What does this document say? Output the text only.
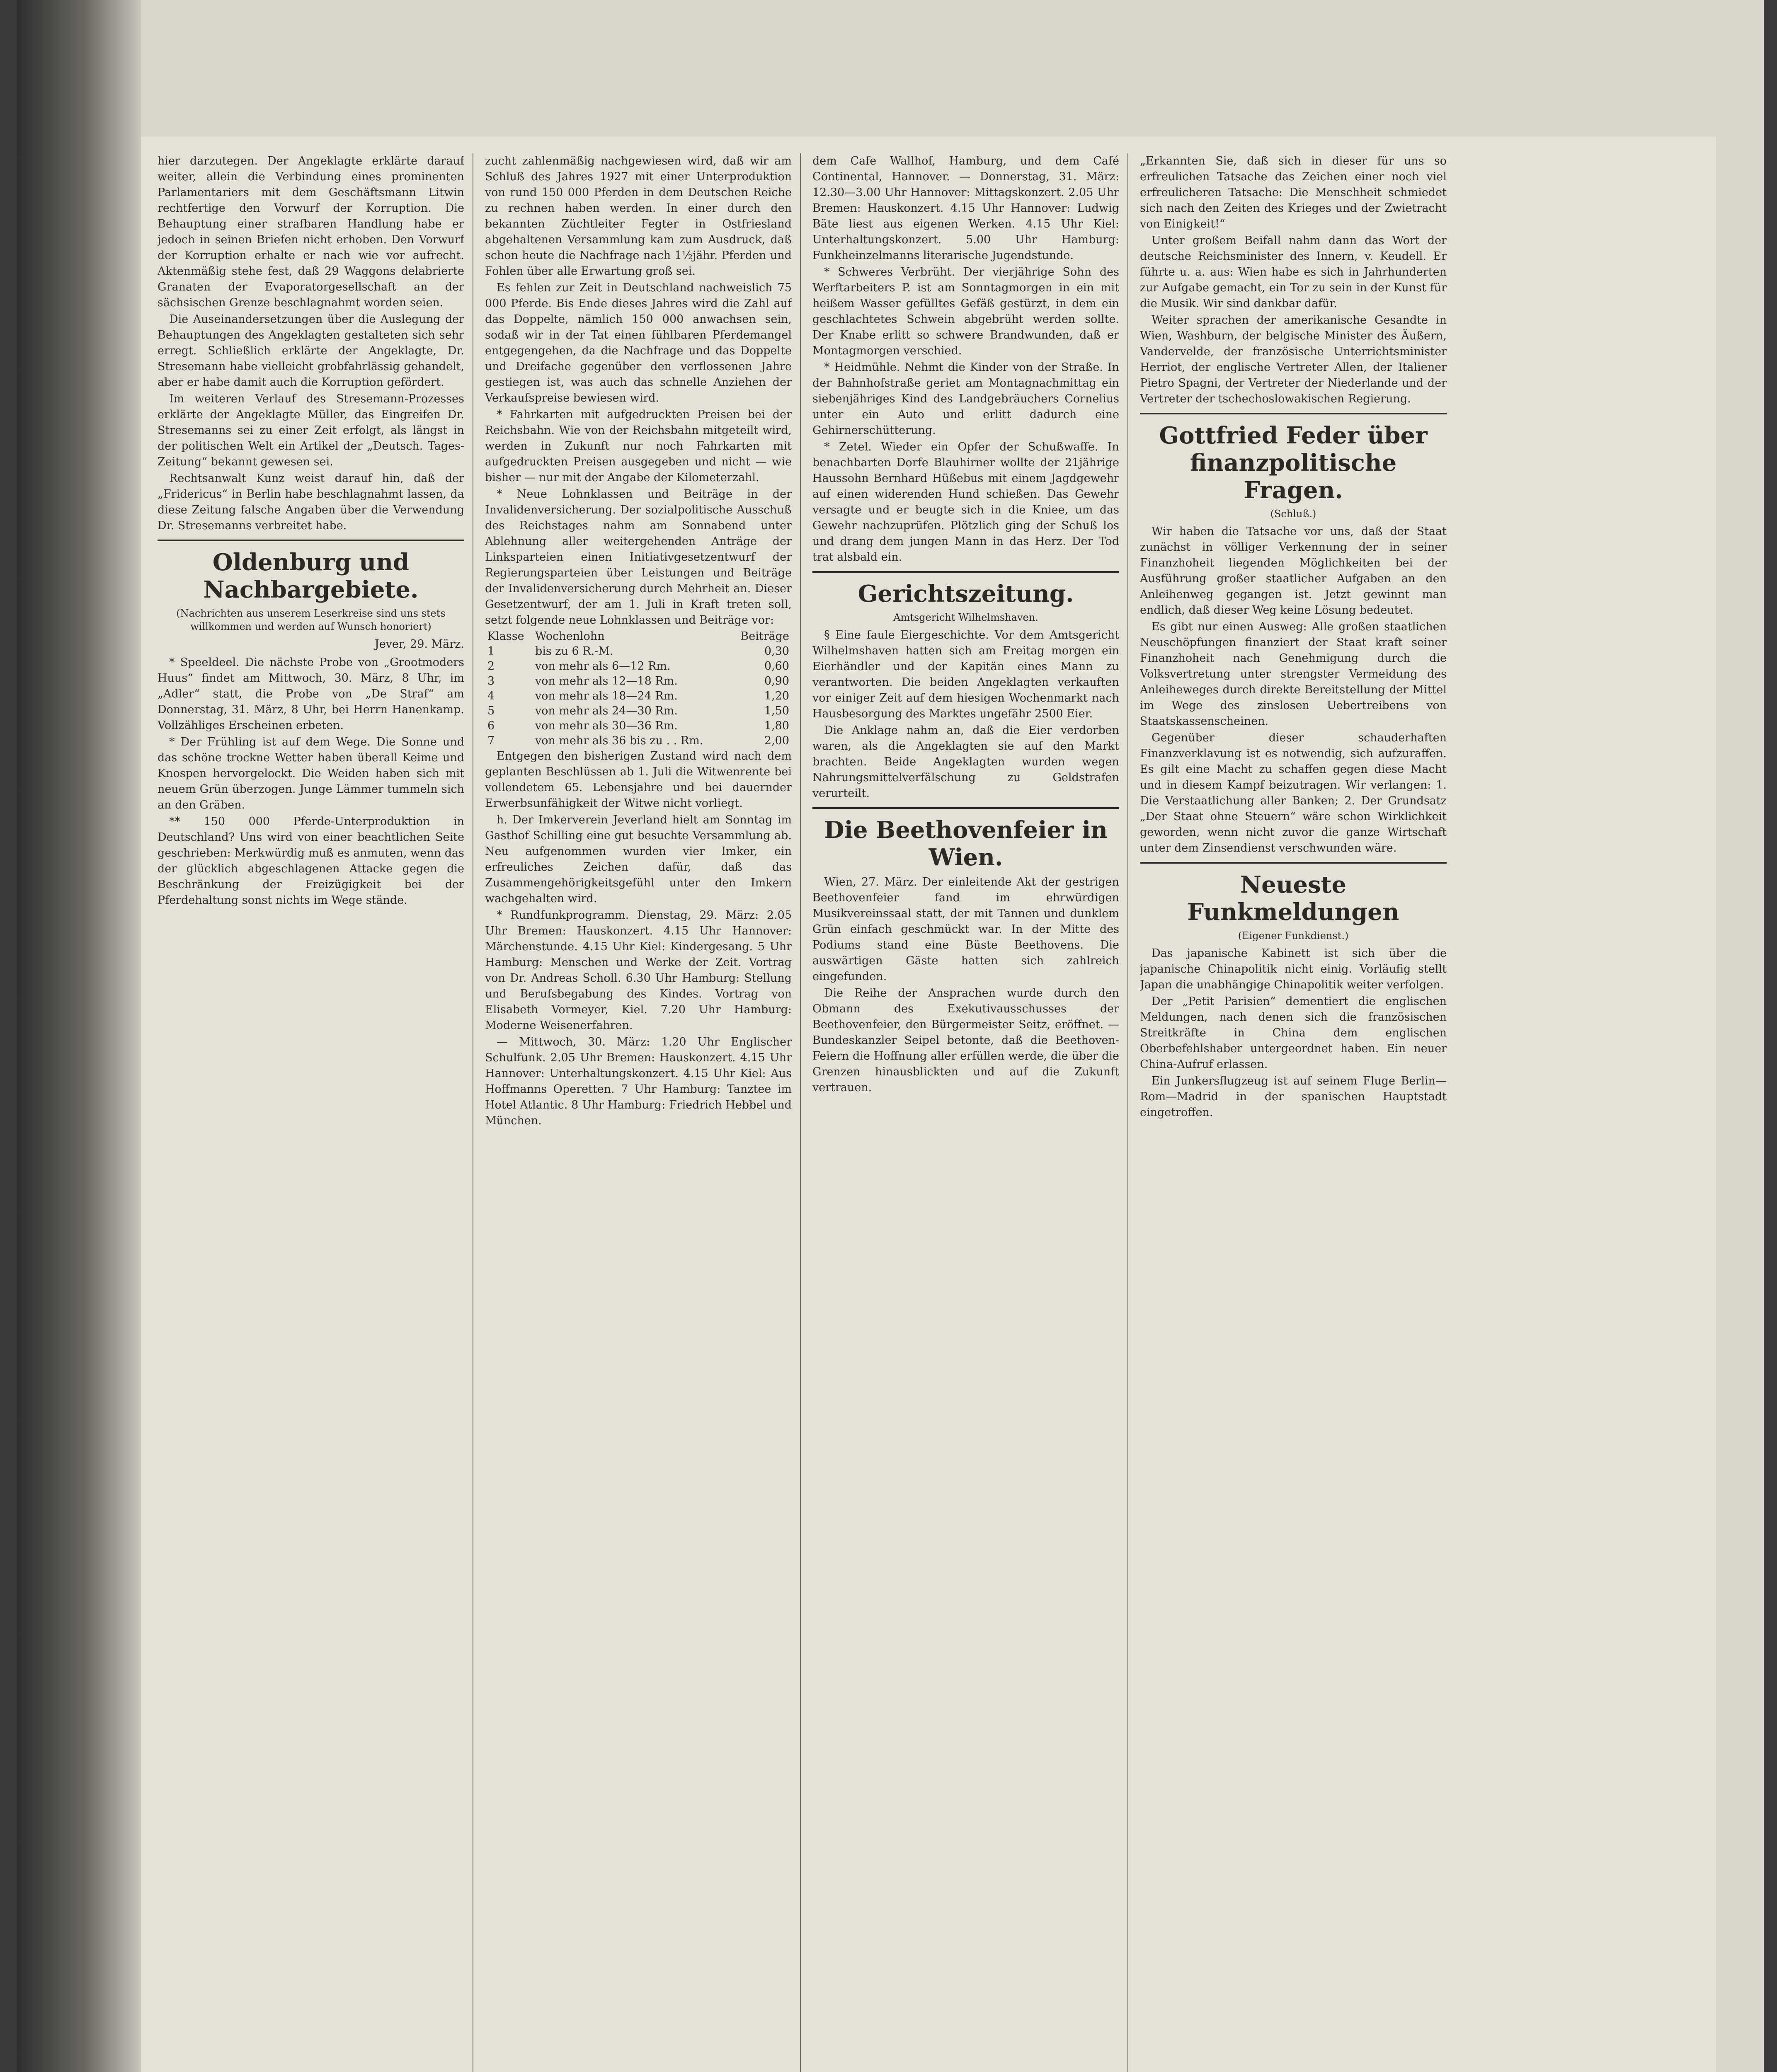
hier darzutegen. Der Angeklagte erklärte darauf weiter, allein die Verbindung eines prominenten Parlamentariers mit dem Geschäftsmann Litwin rechtfertige den Vorwurf der Korruption. Die Behauptung einer strafbaren Handlung habe er jedoch in seinen Briefen nicht erhoben. Den Vorwurf der Korruption erhalte er nach wie vor aufrecht. Aktenmäßig stehe fest, daß 29 Waggons delabrierte Granaten der Evaporatorgesellschaft an der sächsischen Grenze beschlagnahmt worden seien.

Die Auseinandersetzungen über die Auslegung der Behauptungen des Angeklagten gestalteten sich sehr erregt. Schließlich erklärte der Angeklagte, Dr. Stresemann habe vielleicht grobfahrlässig gehandelt, aber er habe damit auch die Korruption gefördert.

Im weiteren Verlauf des Stresemann-Prozesses erklärte der Angeklagte Müller, das Eingreifen Dr. Stresemanns sei zu einer Zeit erfolgt, als längst in der politischen Welt ein Artikel der „Deutsch. Tages-Zeitung“ bekannt gewesen sei.

Rechtsanwalt Kunz weist darauf hin, daß der „Fridericus“ in Berlin habe beschlagnahmt lassen, da diese Zeitung falsche Angaben über die Verwendung Dr. Stresemanns verbreitet habe.

Oldenburg und Nachbargebiete.
(Nachrichten aus unserem Leserkreise sind uns stets willkommen und werden auf Wunsch honoriert)
Jever, 29. März.

* Speeldeel. Die nächste Probe von „Grootmoders Huus“ findet am Mittwoch, 30. März, 8 Uhr, im „Adler“ statt, die Probe von „De Straf“ am Donnerstag, 31. März, 8 Uhr, bei Herrn Hanenkamp. Vollzähliges Erscheinen erbeten.

* Der Frühling ist auf dem Wege. Die Sonne und das schöne trockne Wetter haben überall Keime und Knospen hervorgelockt. Die Weiden haben sich mit neuem Grün überzogen. Junge Lämmer tummeln sich an den Gräben.

** 150 000 Pferde-Unterproduktion in Deutschland? Uns wird von einer beachtlichen Seite geschrieben: Merkwürdig muß es anmuten, wenn das der glücklich abgeschlagenen Attacke gegen die Beschränkung der Freizügigkeit bei der Pferdehaltung sonst nichts im Wege stände.

zucht zahlenmäßig nachgewiesen wird, daß wir am Schluß des Jahres 1927 mit einer Unterproduktion von rund 150 000 Pferden in dem Deutschen Reiche zu rechnen haben werden. In einer durch den bekannten Züchtleiter Fegter in Ostfriesland abgehaltenen Versammlung kam zum Ausdruck, daß schon heute die Nachfrage nach 1½jähr. Pferden und Fohlen über alle Erwartung groß sei.

Es fehlen zur Zeit in Deutschland nachweislich 75 000 Pferde. Bis Ende dieses Jahres wird die Zahl auf das Doppelte, nämlich 150 000 anwachsen sein, sodaß wir in der Tat einen fühlbaren Pferdemangel entgegengehen, da die Nachfrage und das Doppelte und Dreifache gegenüber den verflossenen Jahre gestiegen ist, was auch das schnelle Anziehen der Verkaufspreise bewiesen wird.

* Fahrkarten mit aufgedruckten Preisen bei der Reichsbahn. Wie von der Reichsbahn mitgeteilt wird, werden in Zukunft nur noch Fahrkarten mit aufgedruckten Preisen ausgegeben und nicht — wie bisher — nur mit der Angabe der Kilometerzahl.

* Neue Lohnklassen und Beiträge in der Invalidenversicherung. Der sozialpolitische Ausschuß des Reichstages nahm am Sonnabend unter Ablehnung aller weitergehenden Anträge der Linksparteien einen Initiativgesetzentwurf der Regierungsparteien über Leistungen und Beiträge der Invalidenversicherung durch Mehrheit an. Dieser Gesetzentwurf, der am 1. Juli in Kraft treten soll, setzt folgende neue Lohnklassen und Beiträge vor:

Klasse	Wochenlohn	Beiträge
1	bis zu 6 R.-M.	0,30
2	von mehr als 6—12 Rm.	0,60
3	von mehr als 12—18 Rm.	0,90
4	von mehr als 18—24 Rm.	1,20
5	von mehr als 24—30 Rm.	1,50
6	von mehr als 30—36 Rm.	1,80
7	von mehr als 36 bis zu . . Rm.	2,00

Entgegen den bisherigen Zustand wird nach dem geplanten Beschlüssen ab 1. Juli die Witwenrente bei vollendetem 65. Lebensjahre und bei dauernder Erwerbsunfähigkeit der Witwe nicht vorliegt.

h. Der Imkerverein Jeverland hielt am Sonntag im Gasthof Schilling eine gut besuchte Versammlung ab. Neu aufgenommen wurden vier Imker, ein erfreuliches Zeichen dafür, daß das Zusammengehörigkeitsgefühl unter den Imkern wachgehalten wird.

* Rundfunkprogramm. Dienstag, 29. März: 2.05 Uhr Bremen: Hauskonzert. 4.15 Uhr Hannover: Märchenstunde. 4.15 Uhr Kiel: Kindergesang. 5 Uhr Hamburg: Menschen und Werke der Zeit. Vortrag von Dr. Andreas Scholl. 6.30 Uhr Hamburg: Stellung und Berufsbegabung des Kindes. Vortrag von Elisabeth Vormeyer, Kiel. 7.20 Uhr Hamburg: Moderne Weisenerfahren.

— Mittwoch, 30. März: 1.20 Uhr Englischer Schulfunk. 2.05 Uhr Bremen: Hauskonzert. 4.15 Uhr Hannover: Unterhaltungskonzert. 4.15 Uhr Kiel: Aus Hoffmanns Operetten. 7 Uhr Hamburg: Tanztee im Hotel Atlantic. 8 Uhr Hamburg: Friedrich Hebbel und München.

dem Cafe Wallhof, Hamburg, und dem Café Continental, Hannover. — Donnerstag, 31. März: 12.30—3.00 Uhr Hannover: Mittagskonzert. 2.05 Uhr Bremen: Hauskonzert. 4.15 Uhr Hannover: Ludwig Bäte liest aus eigenen Werken. 4.15 Uhr Kiel: Unterhaltungskonzert. 5.00 Uhr Hamburg: Funkheinzelmanns literarische Jugendstunde.

* Schweres Verbrüht. Der vierjährige Sohn des Werftarbeiters P. ist am Sonntagmorgen in ein mit heißem Wasser gefülltes Gefäß gestürzt, in dem ein geschlachtetes Schwein abgebrüht werden sollte. Der Knabe erlitt so schwere Brandwunden, daß er Montagmorgen verschied.

* Heidmühle. Nehmt die Kinder von der Straße. In der Bahnhofstraße geriet am Montagnachmittag ein siebenjähriges Kind des Landgebräuchers Cornelius unter ein Auto und erlitt dadurch eine Gehirnerschütterung.

* Zetel. Wieder ein Opfer der Schußwaffe. In benachbarten Dorfe Blauhirner wollte der 21jährige Haussohn Bernhard Hüßebus mit einem Jagdgewehr auf einen widerenden Hund schießen. Das Gewehr versagte und er beugte sich in die Kniee, um das Gewehr nachzuprüfen. Plötzlich ging der Schuß los und drang dem jungen Mann in das Herz. Der Tod trat alsbald ein.

Gerichtszeitung.
Amtsgericht Wilhelmshaven.

§ Eine faule Eiergeschichte. Vor dem Amtsgericht Wilhelmshaven hatten sich am Freitag morgen ein Eierhändler und der Kapitän eines Mann zu verantworten. Die beiden Angeklagten verkauften vor einiger Zeit auf dem hiesigen Wochenmarkt nach Hausbesorgung des Marktes ungefähr 2500 Eier.

Die Anklage nahm an, daß die Eier verdorben waren, als die Angeklagten sie auf den Markt brachten. Beide Angeklagten wurden wegen Nahrungsmittelverfälschung zu Geldstrafen verurteilt.

Die Beethovenfeier in Wien.

Wien, 27. März. Der einleitende Akt der gestrigen Beethovenfeier fand im ehrwürdigen Musikvereinssaal statt, der mit Tannen und dunklem Grün einfach geschmückt war. In der Mitte des Podiums stand eine Büste Beethovens. Die auswärtigen Gäste hatten sich zahlreich eingefunden.

Die Reihe der Ansprachen wurde durch den Obmann des Exekutivausschusses der Beethovenfeier, den Bürgermeister Seitz, eröffnet. — Bundeskanzler Seipel betonte, daß die Beethoven-Feiern die Hoffnung aller erfüllen werde, die über die Grenzen hinausblickten und auf die Zukunft vertrauen.

„Erkannten Sie, daß sich in dieser für uns so erfreulichen Tatsache das Zeichen einer noch viel erfreulicheren Tatsache: Die Menschheit schmiedet sich nach den Zeiten des Krieges und der Zwietracht von Einigkeit!“

Unter großem Beifall nahm dann das Wort der deutsche Reichsminister des Innern, v. Keudell. Er führte u. a. aus: Wien habe es sich in Jahrhunderten zur Aufgabe gemacht, ein Tor zu sein in der Kunst für die Musik. Wir sind dankbar dafür.

Weiter sprachen der amerikanische Gesandte in Wien, Washburn, der belgische Minister des Äußern, Vandervelde, der französische Unterrichtsminister Herriot, der englische Vertreter Allen, der Italiener Pietro Spagni, der Vertreter der Niederlande und der Vertreter der tschechoslowakischen Regierung.

Gottfried Feder über finanzpolitische Fragen.
(Schluß.)

Wir haben die Tatsache vor uns, daß der Staat zunächst in völliger Verkennung der in seiner Finanzhoheit liegenden Möglichkeiten bei der Ausführung großer staatlicher Aufgaben an den Anleihenweg gegangen ist. Jetzt gewinnt man endlich, daß dieser Weg keine Lösung bedeutet.

Es gibt nur einen Ausweg: Alle großen staatlichen Neuschöpfungen finanziert der Staat kraft seiner Finanzhoheit nach Genehmigung durch die Volksvertretung unter strengster Vermeidung des Anleiheweges durch direkte Bereitstellung der Mittel im Wege des zinslosen Uebertreibens von Staatskassenscheinen.

Gegenüber dieser schauderhaften Finanzverklavung ist es notwendig, sich aufzuraffen. Es gilt eine Macht zu schaffen gegen diese Macht und in diesem Kampf beizutragen. Wir verlangen: 1. Die Verstaatlichung aller Banken; 2. Der Grundsatz „Der Staat ohne Steuern“ wäre schon Wirklichkeit geworden, wenn nicht zuvor die ganze Wirtschaft unter dem Zinsendienst verschwunden wäre.

Neueste Funkmeldungen
(Eigener Funkdienst.)

Das japanische Kabinett ist sich über die japanische Chinapolitik nicht einig. Vorläufig stellt Japan die unabhängige Chinapolitik weiter verfolgen.

Der „Petit Parisien“ dementiert die englischen Meldungen, nach denen sich die französischen Streitkräfte in China dem englischen Oberbefehlshaber untergeordnet haben. Ein neuer China-Aufruf erlassen.

Ein Junkersflugzeug ist auf seinem Fluge Berlin—Rom—Madrid in der spanischen Hauptstadt eingetroffen.
